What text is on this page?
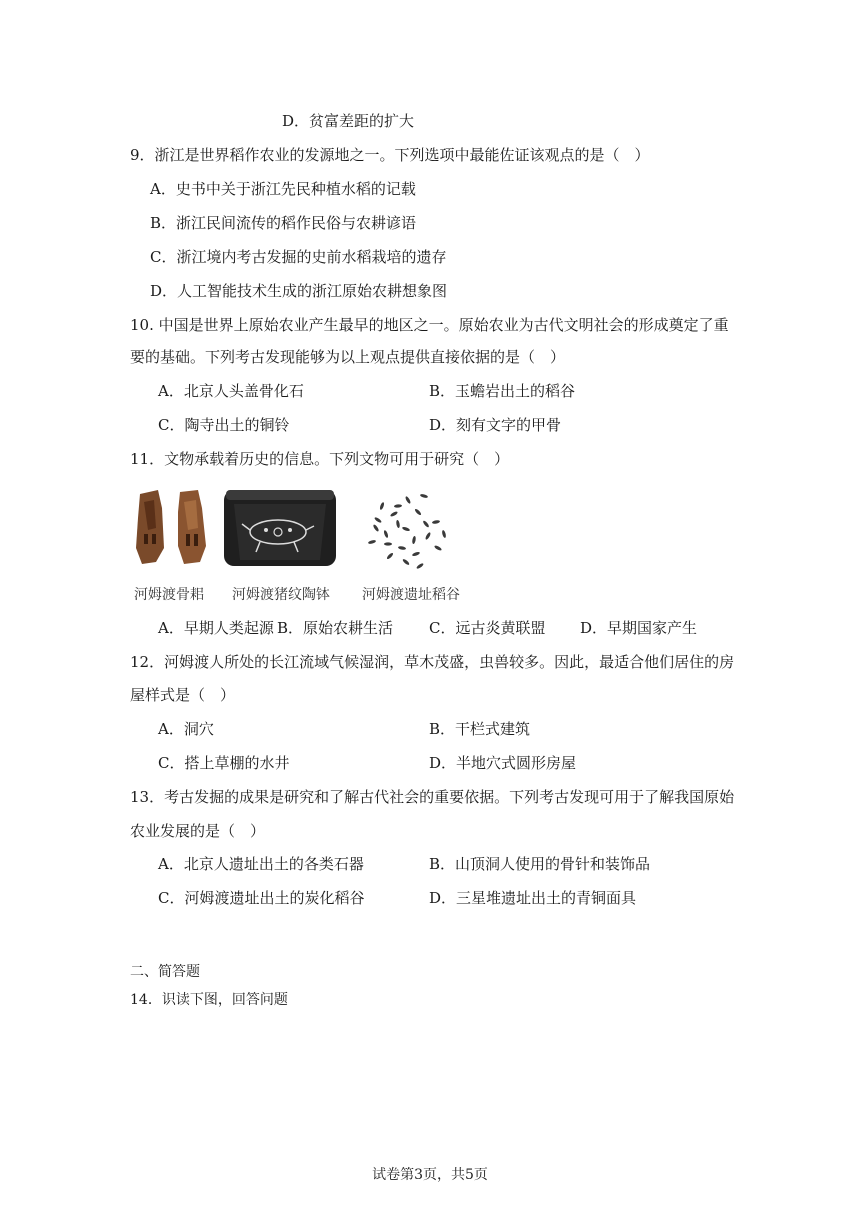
D．贫富差距的扩大
9．浙江是世界稻作农业的发源地之一。下列选项中最能佐证该观点的是（　）
A．史书中关于浙江先民种植水稻的记载
B．浙江民间流传的稻作民俗与农耕谚语
C．浙江境内考古发掘的史前水稻栽培的遗存
D．人工智能技术生成的浙江原始农耕想象图
10. 中国是世界上原始农业产生最早的地区之一。原始农业为古代文明社会的形成奠定了重
要的基础。下列考古发现能够为以上观点提供直接依据的是（　）
A．北京人头盖骨化石	B．玉蟾岩出土的稻谷
C．陶寺出土的铜铃	D．刻有文字的甲骨
11．文物承载着历史的信息。下列文物可用于研究（　）
河姆渡骨耜 河姆渡猪纹陶钵 河姆渡遗址稻谷
A．早期人类起源 B．原始农耕生活 C．远古炎黄联盟 D．早期国家产生
12．河姆渡人所处的长江流域气候湿润，草木茂盛，虫兽较多。因此，最适合他们居住的房
屋样式是（　）
A．洞穴	B．干栏式建筑
C．搭上草棚的水井	D．半地穴式圆形房屋
13．考古发掘的成果是研究和了解古代社会的重要依据。下列考古发现可用于了解我国原始
农业发展的是（　）
A．北京人遗址出土的各类石器	B．山顶洞人使用的骨针和装饰品
C．河姆渡遗址出土的炭化稻谷	D．三星堆遗址出土的青铜面具
二、简答题
14．识读下图，回答问题
试卷第3页，共5页
